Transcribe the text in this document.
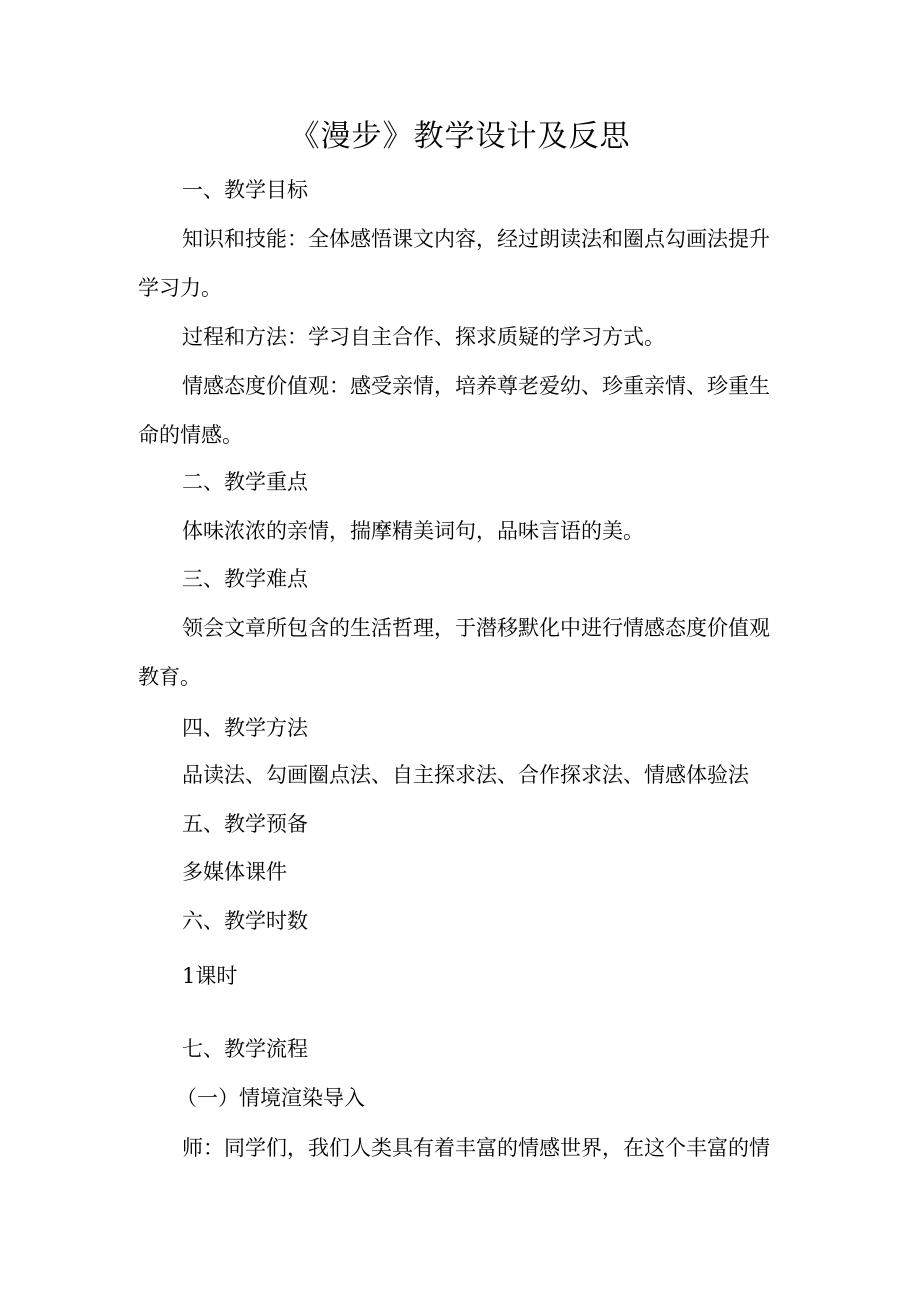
《漫步》教学设计及反思

一、教学目标

知识和技能：全体感悟课文内容，经过朗读法和圈点勾画法提升学习力。

过程和方法：学习自主合作、探求质疑的学习方式。

情感态度价值观：感受亲情，培养尊老爱幼、珍重亲情、珍重生命的情感。

二、教学重点

体味浓浓的亲情，揣摩精美词句，品味言语的美。

三、教学难点

领会文章所包含的生活哲理，于潜移默化中进行情感态度价值观教育。

四、教学方法

品读法、勾画圈点法、自主探求法、合作探求法、情感体验法

五、教学预备

多媒体课件

六、教学时数

1课时

七、教学流程

（一）情境渲染导入

师：同学们，我们人类具有着丰富的情感世界，在这个丰富的情
